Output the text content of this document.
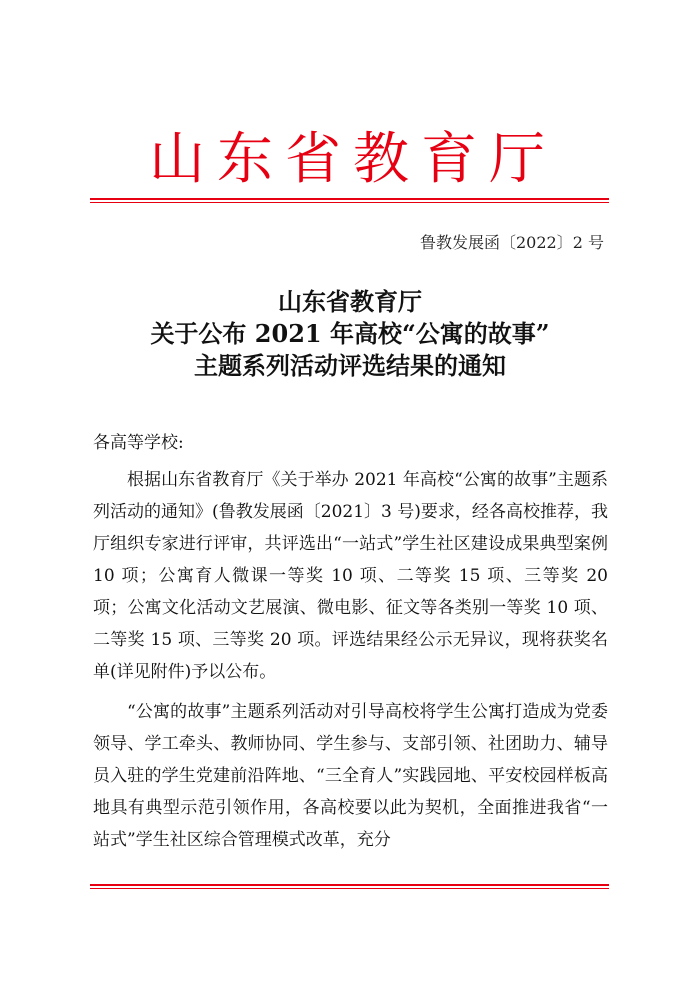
山东省教育厅
鲁教发展函〔2022〕2 号
山东省教育厅
关于公布 2021 年高校“公寓的故事”
主题系列活动评选结果的通知
各高等学校:

根据山东省教育厅《关于举办 2021 年高校“公寓的故事”主题系列活动的通知》(鲁教发展函〔2021〕3 号)要求，经各高校推荐，我厅组织专家进行评审，共评选出“一站式”学生社区建设成果典型案例 10 项；公寓育人微课一等奖 10 项、二等奖 15 项、三等奖 20 项；公寓文化活动文艺展演、微电影、征文等各类别一等奖 10 项、二等奖 15 项、三等奖 20 项。评选结果经公示无异议，现将获奖名单(详见附件)予以公布。

“公寓的故事”主题系列活动对引导高校将学生公寓打造成为党委领导、学工牵头、教师协同、学生参与、支部引领、社团助力、辅导员入驻的学生党建前沿阵地、“三全育人”实践园地、平安校园样板高地具有典型示范引领作用，各高校要以此为契机，全面推进我省“一站式”学生社区综合管理模式改革，充分
